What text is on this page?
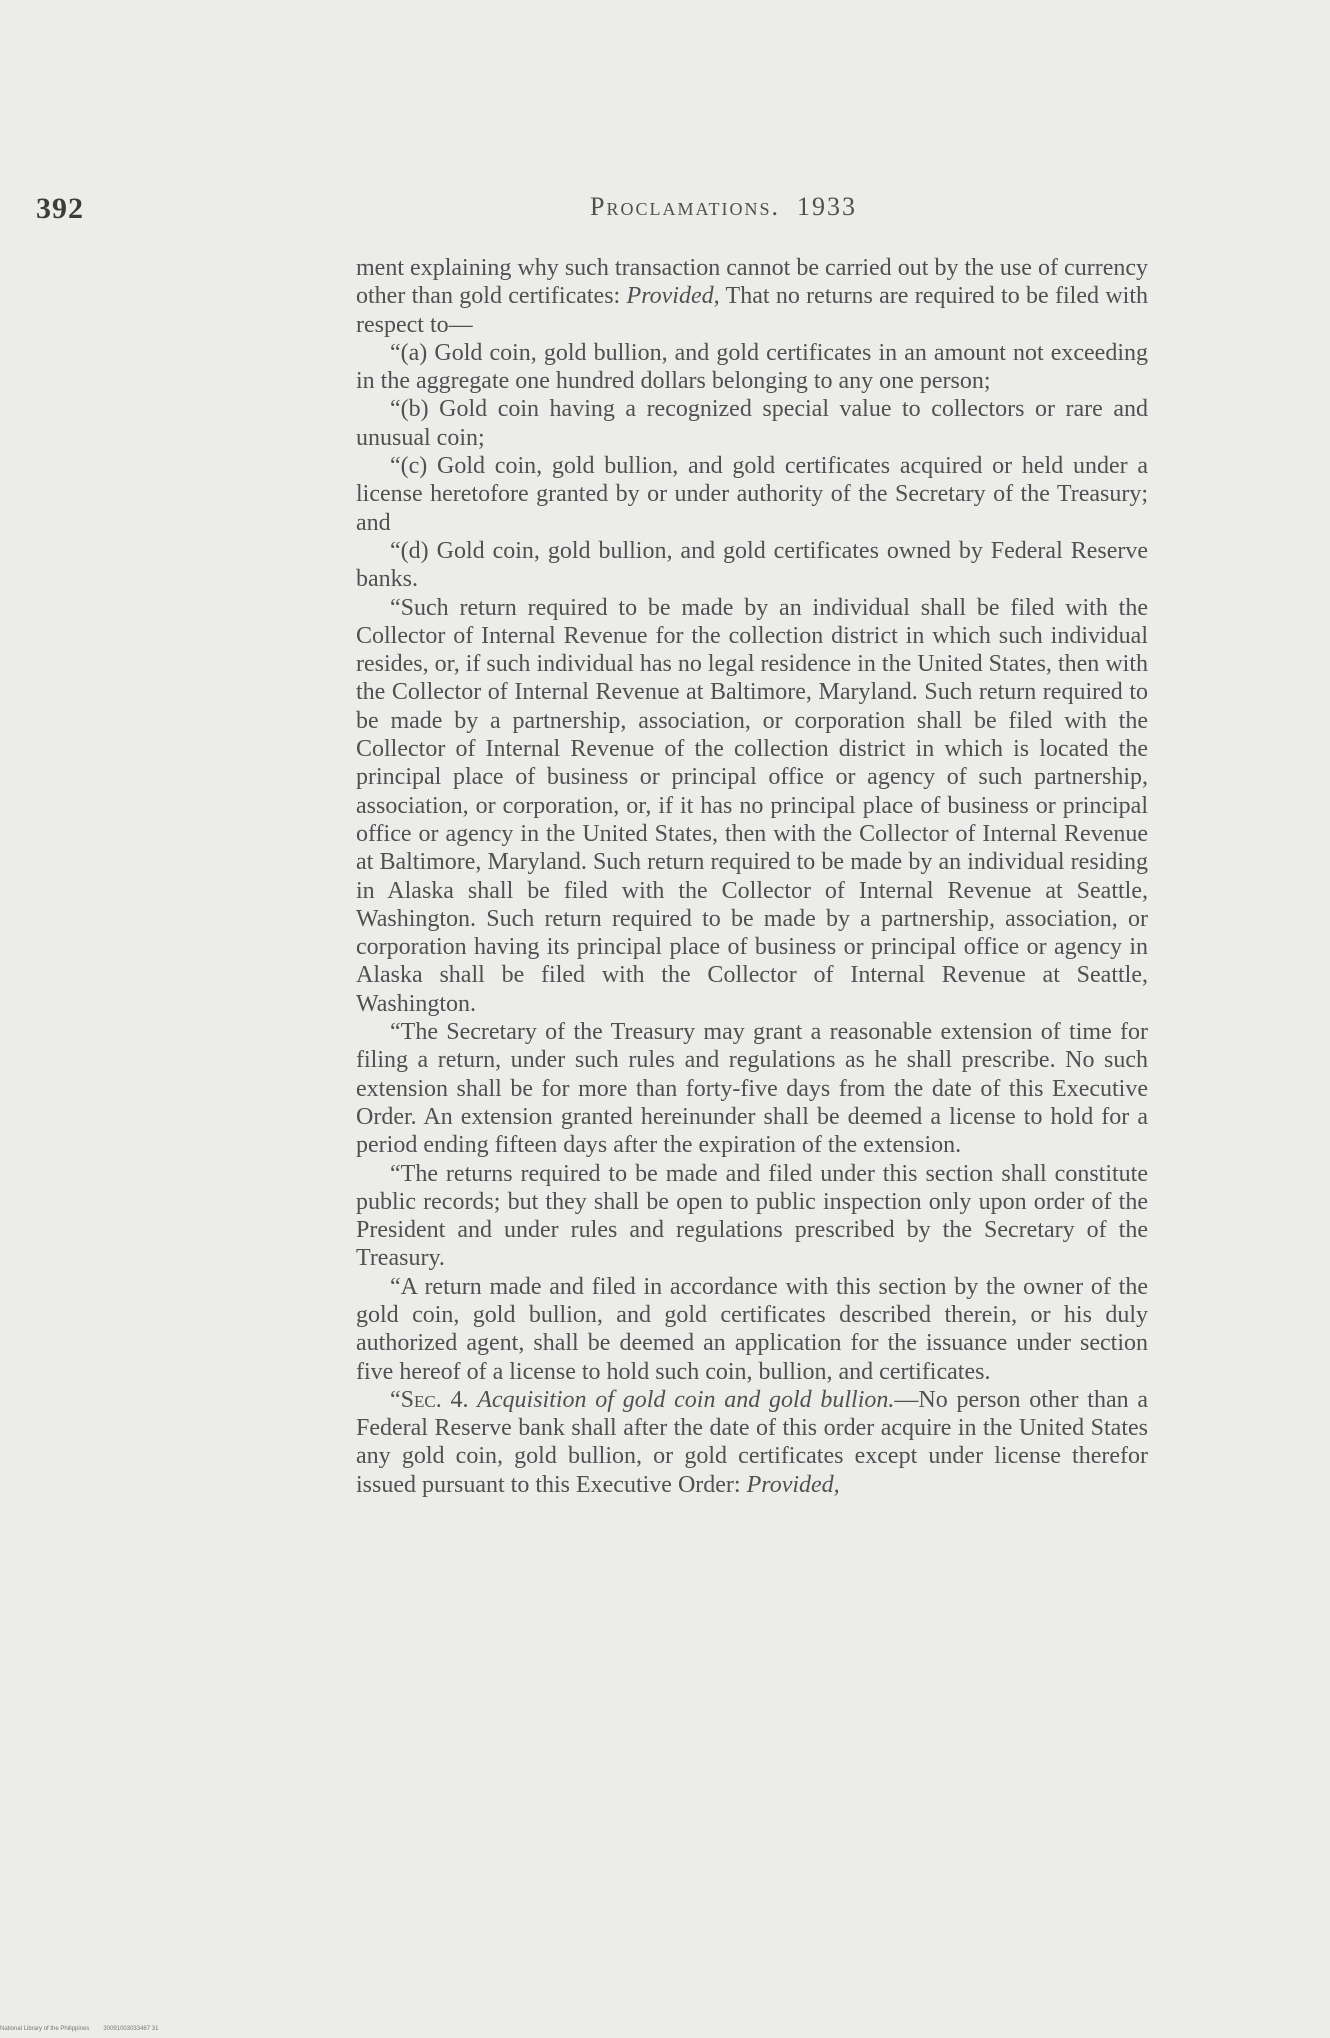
392	Proclamations. 1933

ment explaining why such transaction cannot be carried out by the use of currency other than gold certificates: Provided, That no returns are required to be filed with respect to—

“(a) Gold coin, gold bullion, and gold certificates in an amount not exceeding in the aggregate one hundred dollars belonging to any one person;

“(b) Gold coin having a recognized special value to collectors or rare and unusual coin;

“(c) Gold coin, gold bullion, and gold certificates acquired or held under a license heretofore granted by or under authority of the Secretary of the Treasury; and

“(d) Gold coin, gold bullion, and gold certificates owned by Federal Reserve banks.

“Such return required to be made by an individual shall be filed with the Collector of Internal Revenue for the collection district in which such individual resides, or, if such individual has no legal residence in the United States, then with the Collector of Internal Revenue at Baltimore, Maryland. Such return required to be made by a partnership, association, or corporation shall be filed with the Collector of Internal Revenue of the collection district in which is located the principal place of business or principal office or agency of such partnership, association, or corporation, or, if it has no principal place of business or principal office or agency in the United States, then with the Collector of Internal Revenue at Baltimore, Maryland. Such return required to be made by an individual residing in Alaska shall be filed with the Collector of Internal Revenue at Seattle, Washington. Such return required to be made by a partnership, association, or corporation having its principal place of business or principal office or agency in Alaska shall be filed with the Collector of Internal Revenue at Seattle, Washington.

“The Secretary of the Treasury may grant a reasonable extension of time for filing a return, under such rules and regulations as he shall prescribe. No such extension shall be for more than forty-five days from the date of this Executive Order. An extension granted hereinunder shall be deemed a license to hold for a period ending fifteen days after the expiration of the extension.

“The returns required to be made and filed under this section shall constitute public records; but they shall be open to public inspection only upon order of the President and under rules and regulations prescribed by the Secretary of the Treasury.

“A return made and filed in accordance with this section by the owner of the gold coin, gold bullion, and gold certificates described therein, or his duly authorized agent, shall be deemed an application for the issuance under section five hereof of a license to hold such coin, bullion, and certificates.

“Sec. 4. Acquisition of gold coin and gold bullion.—No person other than a Federal Reserve bank shall after the date of this order acquire in the United States any gold coin, gold bullion, or gold certificates except under license therefor issued pursuant to this Executive Order: Provided,

National Library of the Philippines 30091003033487 31
